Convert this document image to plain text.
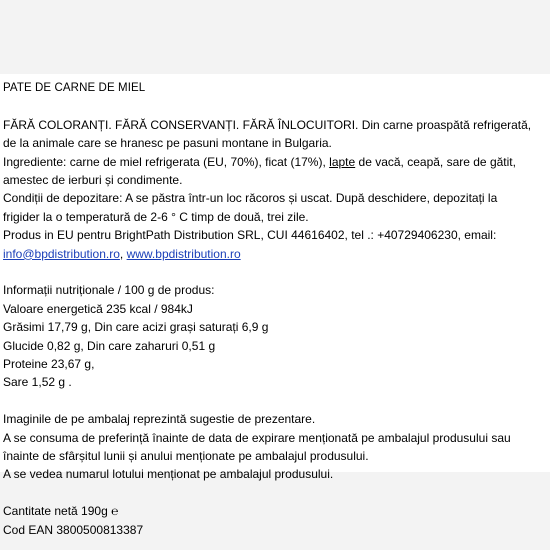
PATE DE CARNE DE MIEL

FĂRĂ COLORANȚI. FĂRĂ CONSERVANȚI. FĂRĂ ÎNLOCUITORI. Din carne proaspătă refrigerată,

de la animale care se hranesc pe pasuni montane in Bulgaria.

Ingrediente: carne de miel refrigerata (EU, 70%), ficat (17%), lapte de vacă, ceapă, sare de gătit,

amestec de ierburi și condimente.

Condiții de depozitare: A se păstra într-un loc răcoros și uscat. După deschidere, depozitați la

frigider la o temperatură de 2-6 ° C timp de două, trei zile.

Produs in EU pentru BrightPath Distribution SRL, CUI 44616402, tel .: +40729406230, email:

info@bpdistribution.ro, www.bpdistribution.ro

Informații nutriționale / 100 g de produs:

Valoare energetică 235 kcal / 984kJ

Grăsimi 17,79 g, Din care acizi grași saturați 6,9 g

Glucide 0,82 g, Din care zaharuri 0,51 g

Proteine 23,67 g,

Sare 1,52 g .

Imaginile de pe ambalaj reprezintă sugestie de prezentare.

A se consuma de preferință înainte de data de expirare menționată pe ambalajul produsului sau

înainte de sfârșitul lunii și anului menționate pe ambalajul produsului.

A se vedea numarul lotului menționat pe ambalajul produsului.

Cantitate netă 190g ℮

Cod EAN 3800500813387
